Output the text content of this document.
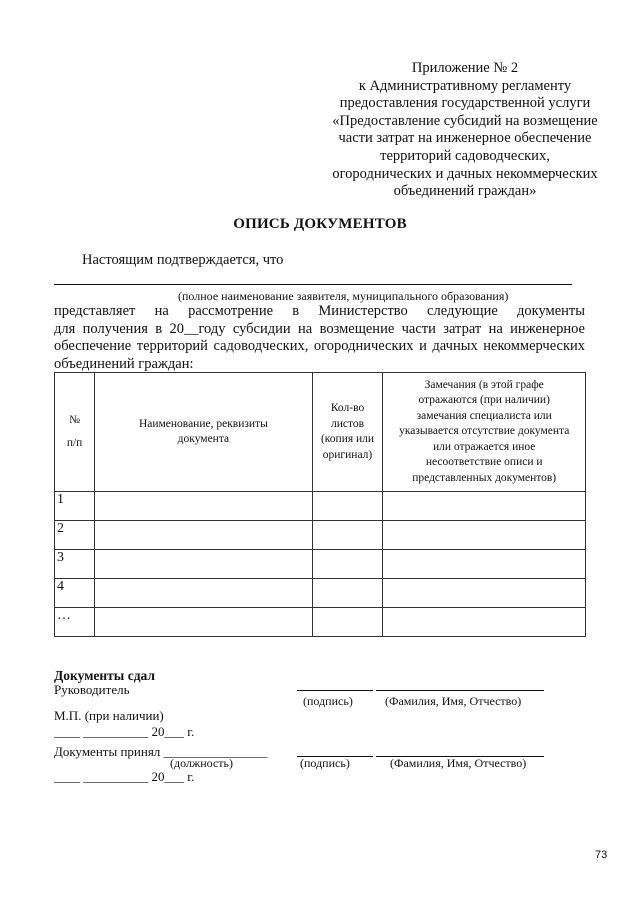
Приложение № 2
к Административному регламенту
предоставления государственной услуги
«Предоставление субсидий на возмещение
части затрат на инженерное обеспечение
территорий садоводческих,
огороднических и дачных некоммерческих
объединений граждан»
ОПИСЬ ДОКУМЕНТОВ
Настоящим подтверждается, что
(полное наименование заявителя, муниципального образования)
представляет на рассмотрение в Министерство следующие документы
для получения в 20__году субсидии на возмещение части затрат на инженерное
обеспечение территорий садоводческих, огороднических и дачных некоммерческих
объединений граждан:
№
п/п	Наименование, реквизиты документа	Кол-во листов (копия или оригинал)	Замечания (в этой графе отражаются (при наличии) замечания специалиста или указывается отсутствие документа или отражается иное несоответствие описи и представленных документов)
1			
2			
3			
4			
…			
Документы сдал
Руководитель
(подпись)	(Фамилия, Имя, Отчество)
М.П. (при наличии)
____ __________ 20___ г.
Документы принял ________________
(должность)	(подпись)	(Фамилия, Имя, Отчество)
____ __________ 20___ г.
73
